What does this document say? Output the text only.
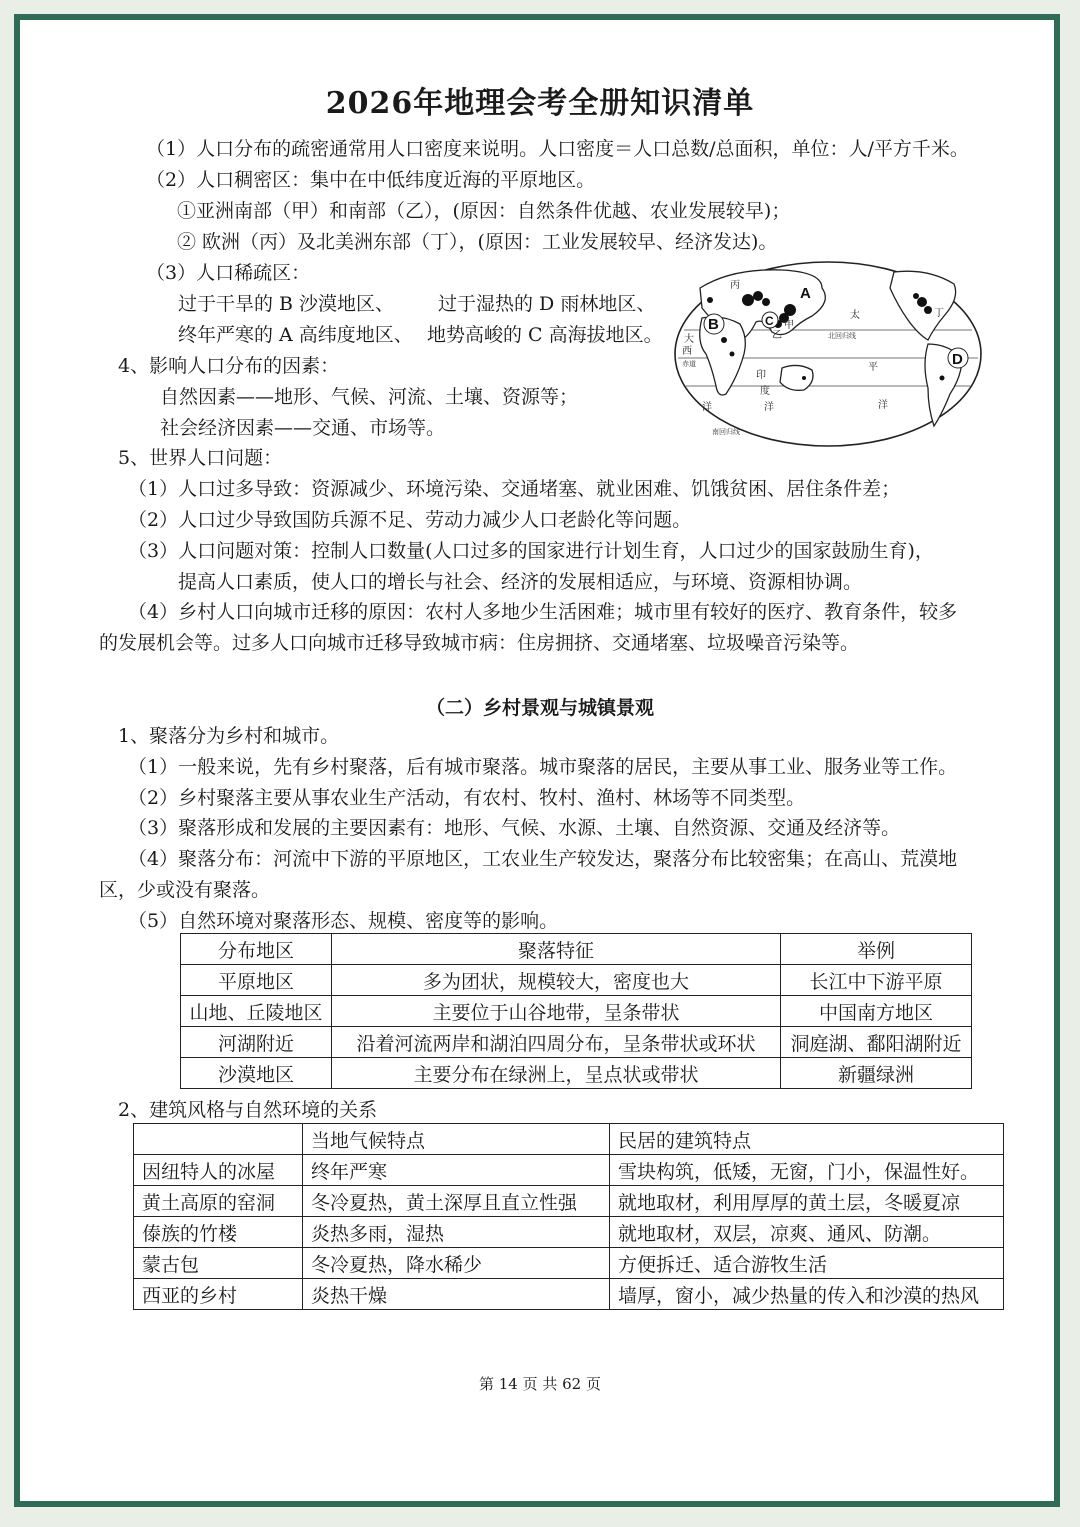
2026年地理会考全册知识清单
（1）人口分布的疏密通常用人口密度来说明。人口密度＝人口总数/总面积，单位：人/平方千米。
（2）人口稠密区：集中在中低纬度近海的平原地区。
①亚洲南部（甲）和南部（乙），(原因：自然条件优越、农业发展较早)；
② 欧洲（丙）及北美洲东部（丁），(原因：工业发展较早、经济发达)。
（3）人口稀疏区：
过于干旱的 B 沙漠地区、 过于湿热的 D 雨林地区、
终年严寒的 A 高纬度地区、 地势高峻的 C 高海拔地区。
4、影响人口分布的因素：
自然因素——地形、气候、河流、土壤、资源等；
社会经济因素——交通、市场等。
5、世界人口问题：
（1）人口过多导致：资源减少、环境污染、交通堵塞、就业困难、饥饿贫困、居住条件差；
（2）人口过少导致国防兵源不足、劳动力减少人口老龄化等问题。
（3）人口问题对策：控制人口数量(人口过多的国家进行计划生育，人口过少的国家鼓励生育)，
提高人口素质，使人口的增长与社会、经济的发展相适应，与环境、资源相协调。
（4）乡村人口向城市迁移的原因：农村人多地少生活困难；城市里有较好的医疗、教育条件，较多
的发展机会等。过多人口向城市迁移导致城市病：住房拥挤、交通堵塞、垃圾噪音污染等。
A
B	C
D
甲
乙
丙
丁
大
西
洋
太
平
洋
印
度
洋
北回归线
赤道
南回归线
（二）乡村景观与城镇景观
1、聚落分为乡村和城市。
（1）一般来说，先有乡村聚落，后有城市聚落。城市聚落的居民，主要从事工业、服务业等工作。
（2）乡村聚落主要从事农业生产活动，有农村、牧村、渔村、林场等不同类型。
（3）聚落形成和发展的主要因素有：地形、气候、水源、土壤、自然资源、交通及经济等。
（4）聚落分布：河流中下游的平原地区，工农业生产较发达，聚落分布比较密集；在高山、荒漠地
区，少或没有聚落。
（5）自然环境对聚落形态、规模、密度等的影响。
分布地区	聚落特征	举例
平原地区	多为团状，规模较大，密度也大	长江中下游平原
山地、丘陵地区	主要位于山谷地带，呈条带状	中国南方地区
河湖附近	沿着河流两岸和湖泊四周分布，呈条带状或环状	洞庭湖、鄱阳湖附近
沙漠地区	主要分布在绿洲上，呈点状或带状	新疆绿洲
2、建筑风格与自然环境的关系
	当地气候特点	民居的建筑特点
因纽特人的冰屋	终年严寒	雪块构筑，低矮，无窗，门小，保温性好。
黄土高原的窑洞	冬冷夏热，黄土深厚且直立性强	就地取材，利用厚厚的黄土层，冬暖夏凉
傣族的竹楼	炎热多雨，湿热	就地取材，双层，凉爽、通风、防潮。
蒙古包	冬冷夏热，降水稀少	方便拆迁、适合游牧生活
西亚的乡村	炎热干燥	墙厚，窗小，减少热量的传入和沙漠的热风
第 14 页 共 62 页
